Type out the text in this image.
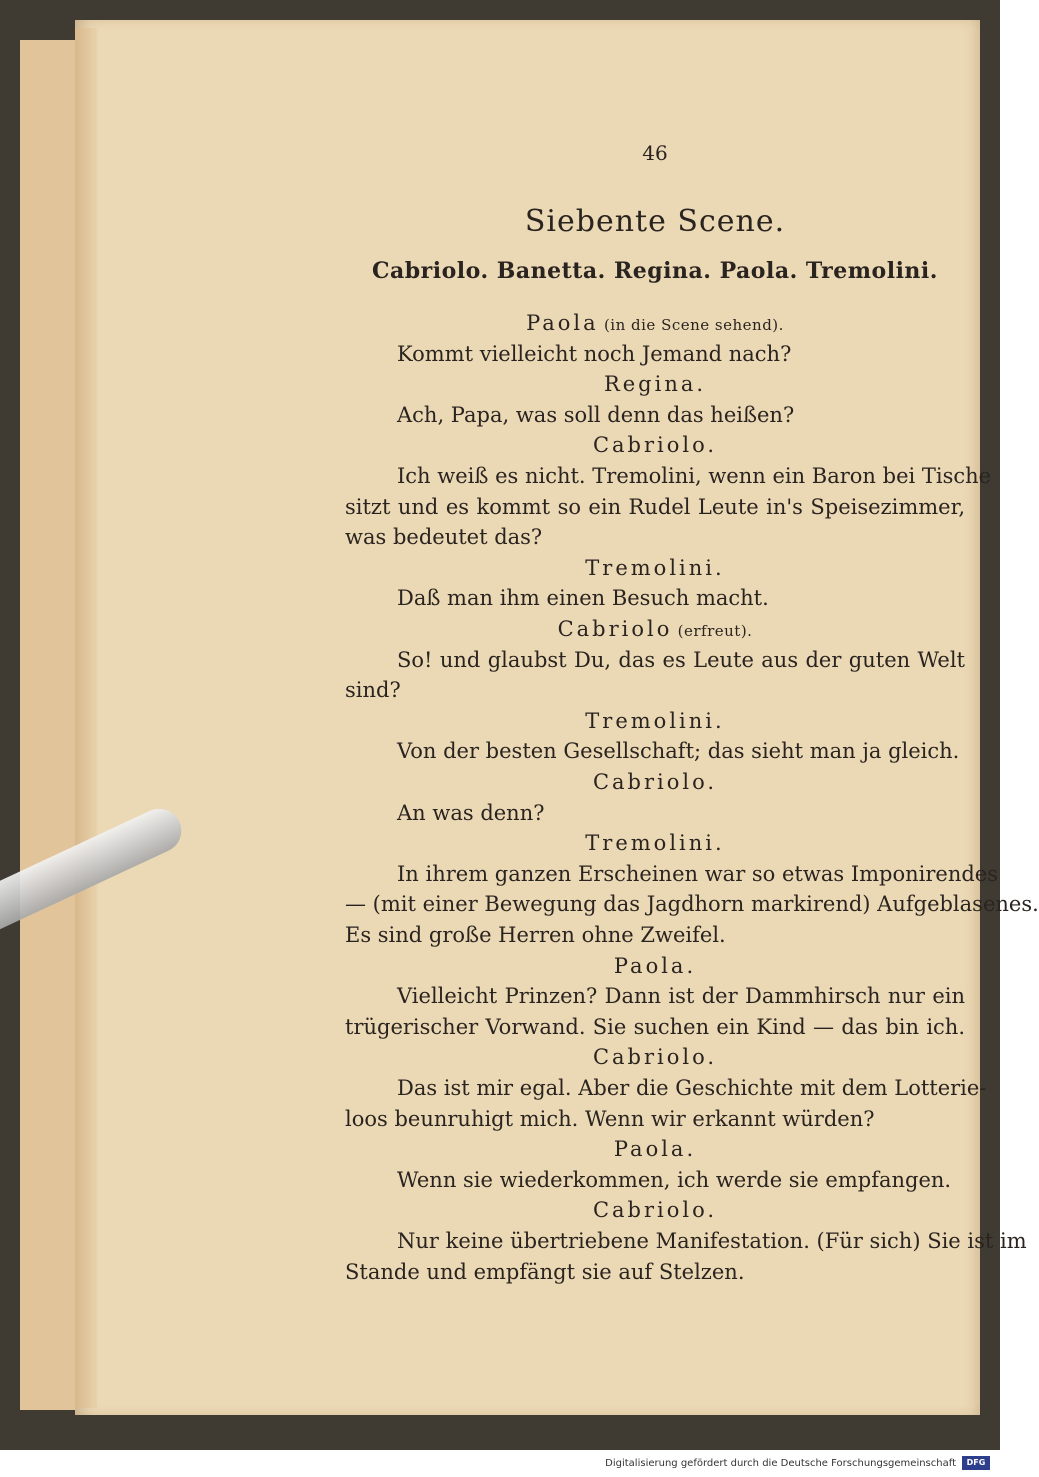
46
Siebente Scene.
Cabriolo. Banetta. Regina. Paola. Tremolini.
Paola (in die Scene sehend).
Kommt vielleicht noch Jemand nach?
Regina.
Ach, Papa, was soll denn das heißen?
Cabriolo.
Ich weiß es nicht. Tremolini, wenn ein Baron bei Tische
sitzt und es kommt so ein Rudel Leute in's Speisezimmer,
was bedeutet das?
Tremolini.
Daß man ihm einen Besuch macht.
Cabriolo (erfreut).
So! und glaubst Du, das es Leute aus der guten Welt
sind?
Tremolini.
Von der besten Gesellschaft; das sieht man ja gleich.
Cabriolo.
An was denn?
Tremolini.
In ihrem ganzen Erscheinen war so etwas Imponirendes
— (mit einer Bewegung das Jagdhorn markirend) Aufgeblasenes.
Es sind große Herren ohne Zweifel.
Paola.
Vielleicht Prinzen? Dann ist der Dammhirsch nur ein
trügerischer Vorwand. Sie suchen ein Kind — das bin ich.
Cabriolo.
Das ist mir egal. Aber die Geschichte mit dem Lotterie-
loos beunruhigt mich. Wenn wir erkannt würden?
Paola.
Wenn sie wiederkommen, ich werde sie empfangen.
Cabriolo.
Nur keine übertriebene Manifestation. (Für sich) Sie ist im
Stande und empfängt sie auf Stelzen.
Digitalisierung gefördert durch die Deutsche Forschungsgemeinschaft	DFG
